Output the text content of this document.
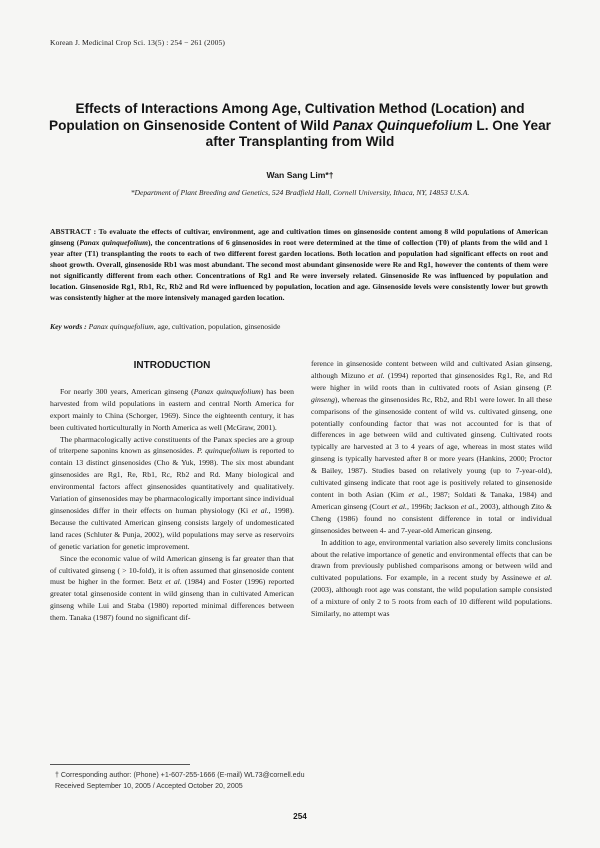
Korean J. Medicinal Crop Sci. 13(5) : 254 − 261 (2005)
Effects of Interactions Among Age, Cultivation Method (Location) and Population on Ginsenoside Content of Wild Panax Quinquefolium L. One Year after Transplanting from Wild
Wan Sang Lim*†
*Department of Plant Breeding and Genetics, 524 Bradfield Hall, Cornell University, Ithaca, NY, 14853 U.S.A.
ABSTRACT : To evaluate the effects of cultivar, environment, age and cultivation times on ginsenoside content among 8 wild populations of American ginseng (Panax quinquefolium), the concentrations of 6 ginsenosides in root were determined at the time of collection (T0) of plants from the wild and 1 year after (T1) transplanting the roots to each of two different forest garden locations. Both location and population had significant effects on root and shoot growth. Overall, ginsenoside Rb1 was most abundant. The second most abundant ginsenoside were Re and Rg1, however the contents of them were not significantly different from each other. Concentrations of Rg1 and Re were inversely related. Ginsenoside Re was influenced by population and location. Ginsenoside Rg1, Rb1, Rc, Rb2 and Rd were influenced by population, location and age. Ginsenoside levels were consistently lower but growth was consistently higher at the more intensively managed garden location.
Key words : Panax quinquefolium, age, cultivation, population, ginsenoside
INTRODUCTION

For nearly 300 years, American ginseng (Panax quinquefolium) has been harvested from wild populations in eastern and central North America for export mainly to China (Schorger, 1969). Since the eighteenth century, it has been cultivated horticulturally in North America as well (McGraw, 2001).

The pharmacologically active constituents of the Panax species are a group of triterpene saponins known as ginsenosides. P. quinquefolium is reported to contain 13 distinct ginsenosides (Cho & Yuk, 1998). The six most abundant ginsenosides are Rg1, Re, Rb1, Rc, Rb2 and Rd. Many biological and environmental factors affect ginsenosides quantitatively and qualitatively. Variation of ginsenosides may be pharmacologically important since individual ginsenosides differ in their effects on human physiology (Ki et al., 1998). Because the cultivated American ginseng consists largely of undomesticated land races (Schluter & Punja, 2002), wild populations may serve as reservoirs of genetic variation for genetic improvement.

Since the economic value of wild American ginseng is far greater than that of cultivated ginseng ( > 10-fold), it is often assumed that ginsenoside content must be higher in the former. Betz et al. (1984) and Foster (1996) reported greater total ginsenoside content in wild ginseng than in cultivated American ginseng while Lui and Staba (1980) reported minimal differences between them. Tanaka (1987) found no significant dif-

ference in ginsenoside content between wild and cultivated Asian ginseng, although Mizuno et al. (1994) reported that ginsenosides Rg1, Re, and Rd were higher in wild roots than in cultivated roots of Asian ginseng (P. ginseng), whereas the ginsenosides Rc, Rb2, and Rb1 were lower. In all these comparisons of the ginsenoside content of wild vs. cultivated ginseng, one potentially confounding factor that was not accounted for is that of differences in age between wild and cultivated ginseng. Cultivated roots typically are harvested at 3 to 4 years of age, whereas in most states wild ginseng is typically harvested after 8 or more years (Hankins, 2000; Proctor & Bailey, 1987). Studies based on relatively young (up to 7-year-old), cultivated ginseng indicate that root age is positively related to ginsenoside content in both Asian (Kim et al., 1987; Soldati & Tanaka, 1984) and American ginseng (Court et al., 1996b; Jackson et al., 2003), although Zito & Cheng (1986) found no consistent difference in total or individual ginsenosides between 4- and 7-year-old American ginseng.

In addition to age, environmental variation also severely limits conclusions about the relative importance of genetic and environmental effects that can be drawn from previously published comparisons among or between wild and cultivated populations. For example, in a recent study by Assinewe et al. (2003), although root age was constant, the wild population sample consisted of a mixture of only 2 to 5 roots from each of 10 different wild populations. Similarly, no attempt was

† Corresponding author: (Phone) +1-607-255-1666 (E-mail) WL73@cornell.edu
Received September 10, 2005 / Accepted October 20, 2005
254
